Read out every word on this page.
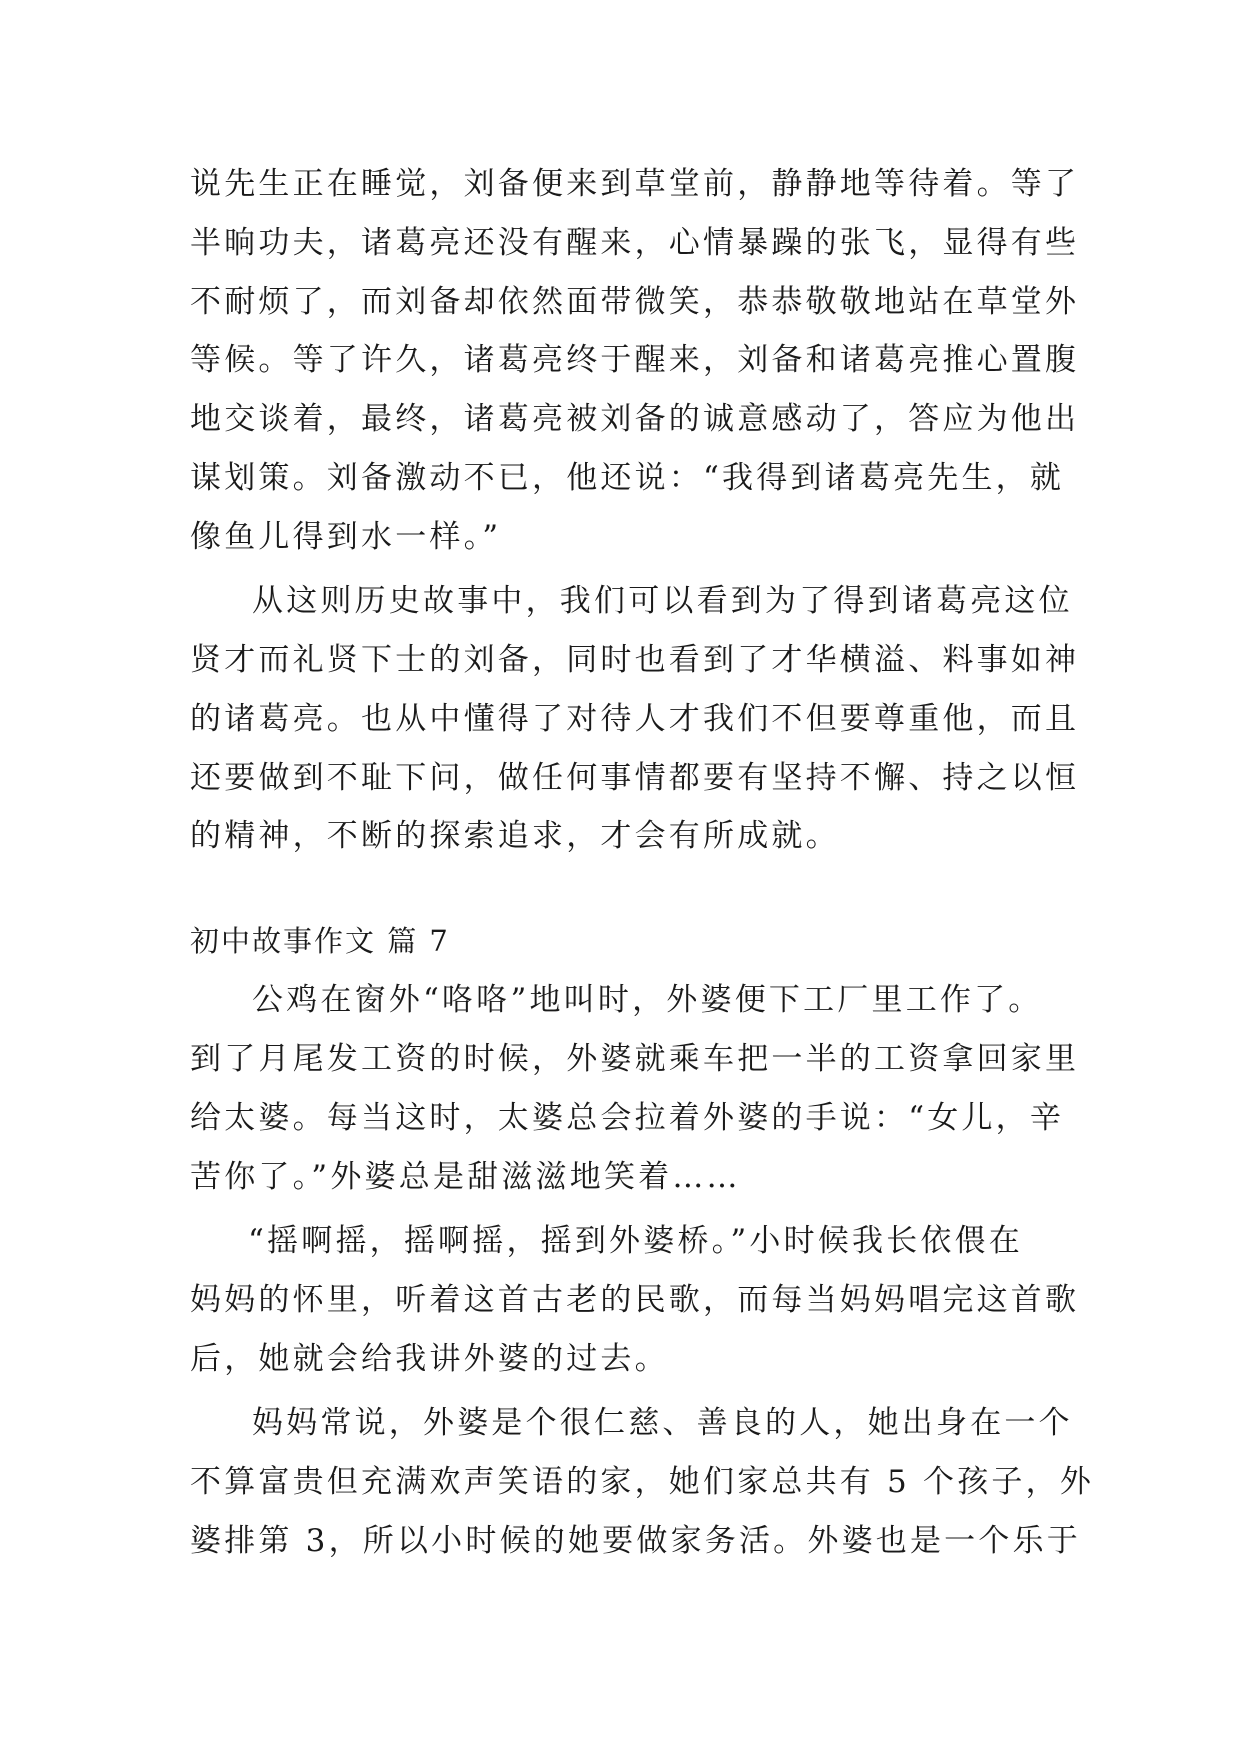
说先生正在睡觉，刘备便来到草堂前，静静地等待着。等了
半晌功夫，诸葛亮还没有醒来，心情暴躁的张飞，显得有些
不耐烦了，而刘备却依然面带微笑，恭恭敬敬地站在草堂外
等候。等了许久，诸葛亮终于醒来，刘备和诸葛亮推心置腹
地交谈着，最终，诸葛亮被刘备的诚意感动了，答应为他出
谋划策。刘备激动不已，他还说：“我得到诸葛亮先生，就
像鱼儿得到水一样。”
从这则历史故事中，我们可以看到为了得到诸葛亮这位
贤才而礼贤下士的刘备，同时也看到了才华横溢、料事如神
的诸葛亮。也从中懂得了对待人才我们不但要尊重他，而且
还要做到不耻下问，做任何事情都要有坚持不懈、持之以恒
的精神，不断的探索追求，才会有所成就。
初中故事作文 篇 7
公鸡在窗外“咯咯”地叫时，外婆便下工厂里工作了。
到了月尾发工资的时候，外婆就乘车把一半的工资拿回家里
给太婆。每当这时，太婆总会拉着外婆的手说：“女儿，辛
苦你了。”外婆总是甜滋滋地笑着……
“摇啊摇，摇啊摇，摇到外婆桥。”小时候我长依偎在
妈妈的怀里，听着这首古老的民歌，而每当妈妈唱完这首歌
后，她就会给我讲外婆的过去。
妈妈常说，外婆是个很仁慈、善良的人，她出身在一个
不算富贵但充满欢声笑语的家，她们家总共有 5 个孩子，外
婆排第 3，所以小时候的她要做家务活。外婆也是一个乐于
